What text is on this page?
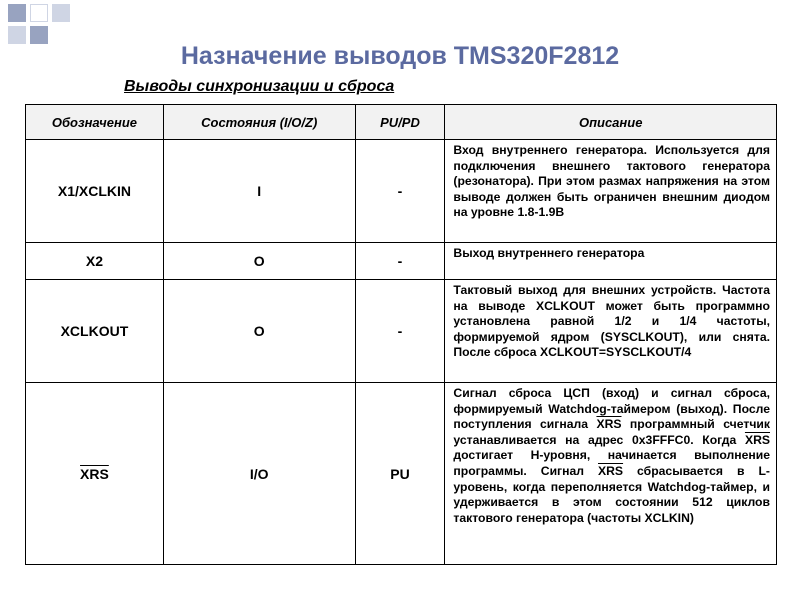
Назначение выводов TMS320F2812
Выводы синхронизации и сброса
Обозначение	Состояния (I/O/Z)	PU/PD	Описание
X1/XCLKIN	I	-	Вход внутреннего генератора. Используется для подключения внешнего тактового генератора (резонатора). При этом размах напряжения на этом выводе должен быть ограничен внешним диодом на уровне 1.8-1.9В
X2	O	-	Выход внутреннего генератора
XCLKOUT	O	-	Тактовый выход для внешних устройств. Частота на выводе XCLKOUT может быть программно установлена равной 1/2 и 1/4 частоты, формируемой ядром (SYSCLKOUT), или снята. После сброса XCLKOUT=SYSCLKOUT/4
$\overline{XRS}$	I/O	PU	Сигнал сброса ЦСП (вход) и сигнал сброса, формируемый Watchdog-таймером (выход). После поступления сигнала $\overline{XRS}$ программный счетчик устанавливается на адрес 0x3FFFC0. Когда $\overline{XRS}$ достигает H-уровня, начинается выполнение программы. Сигнал $\overline{XRS}$ сбрасывается в L-уровень, когда переполняется Watchdog-таймер, и удерживается в этом состоянии 512 циклов тактового генератора (частоты XCLKIN)
